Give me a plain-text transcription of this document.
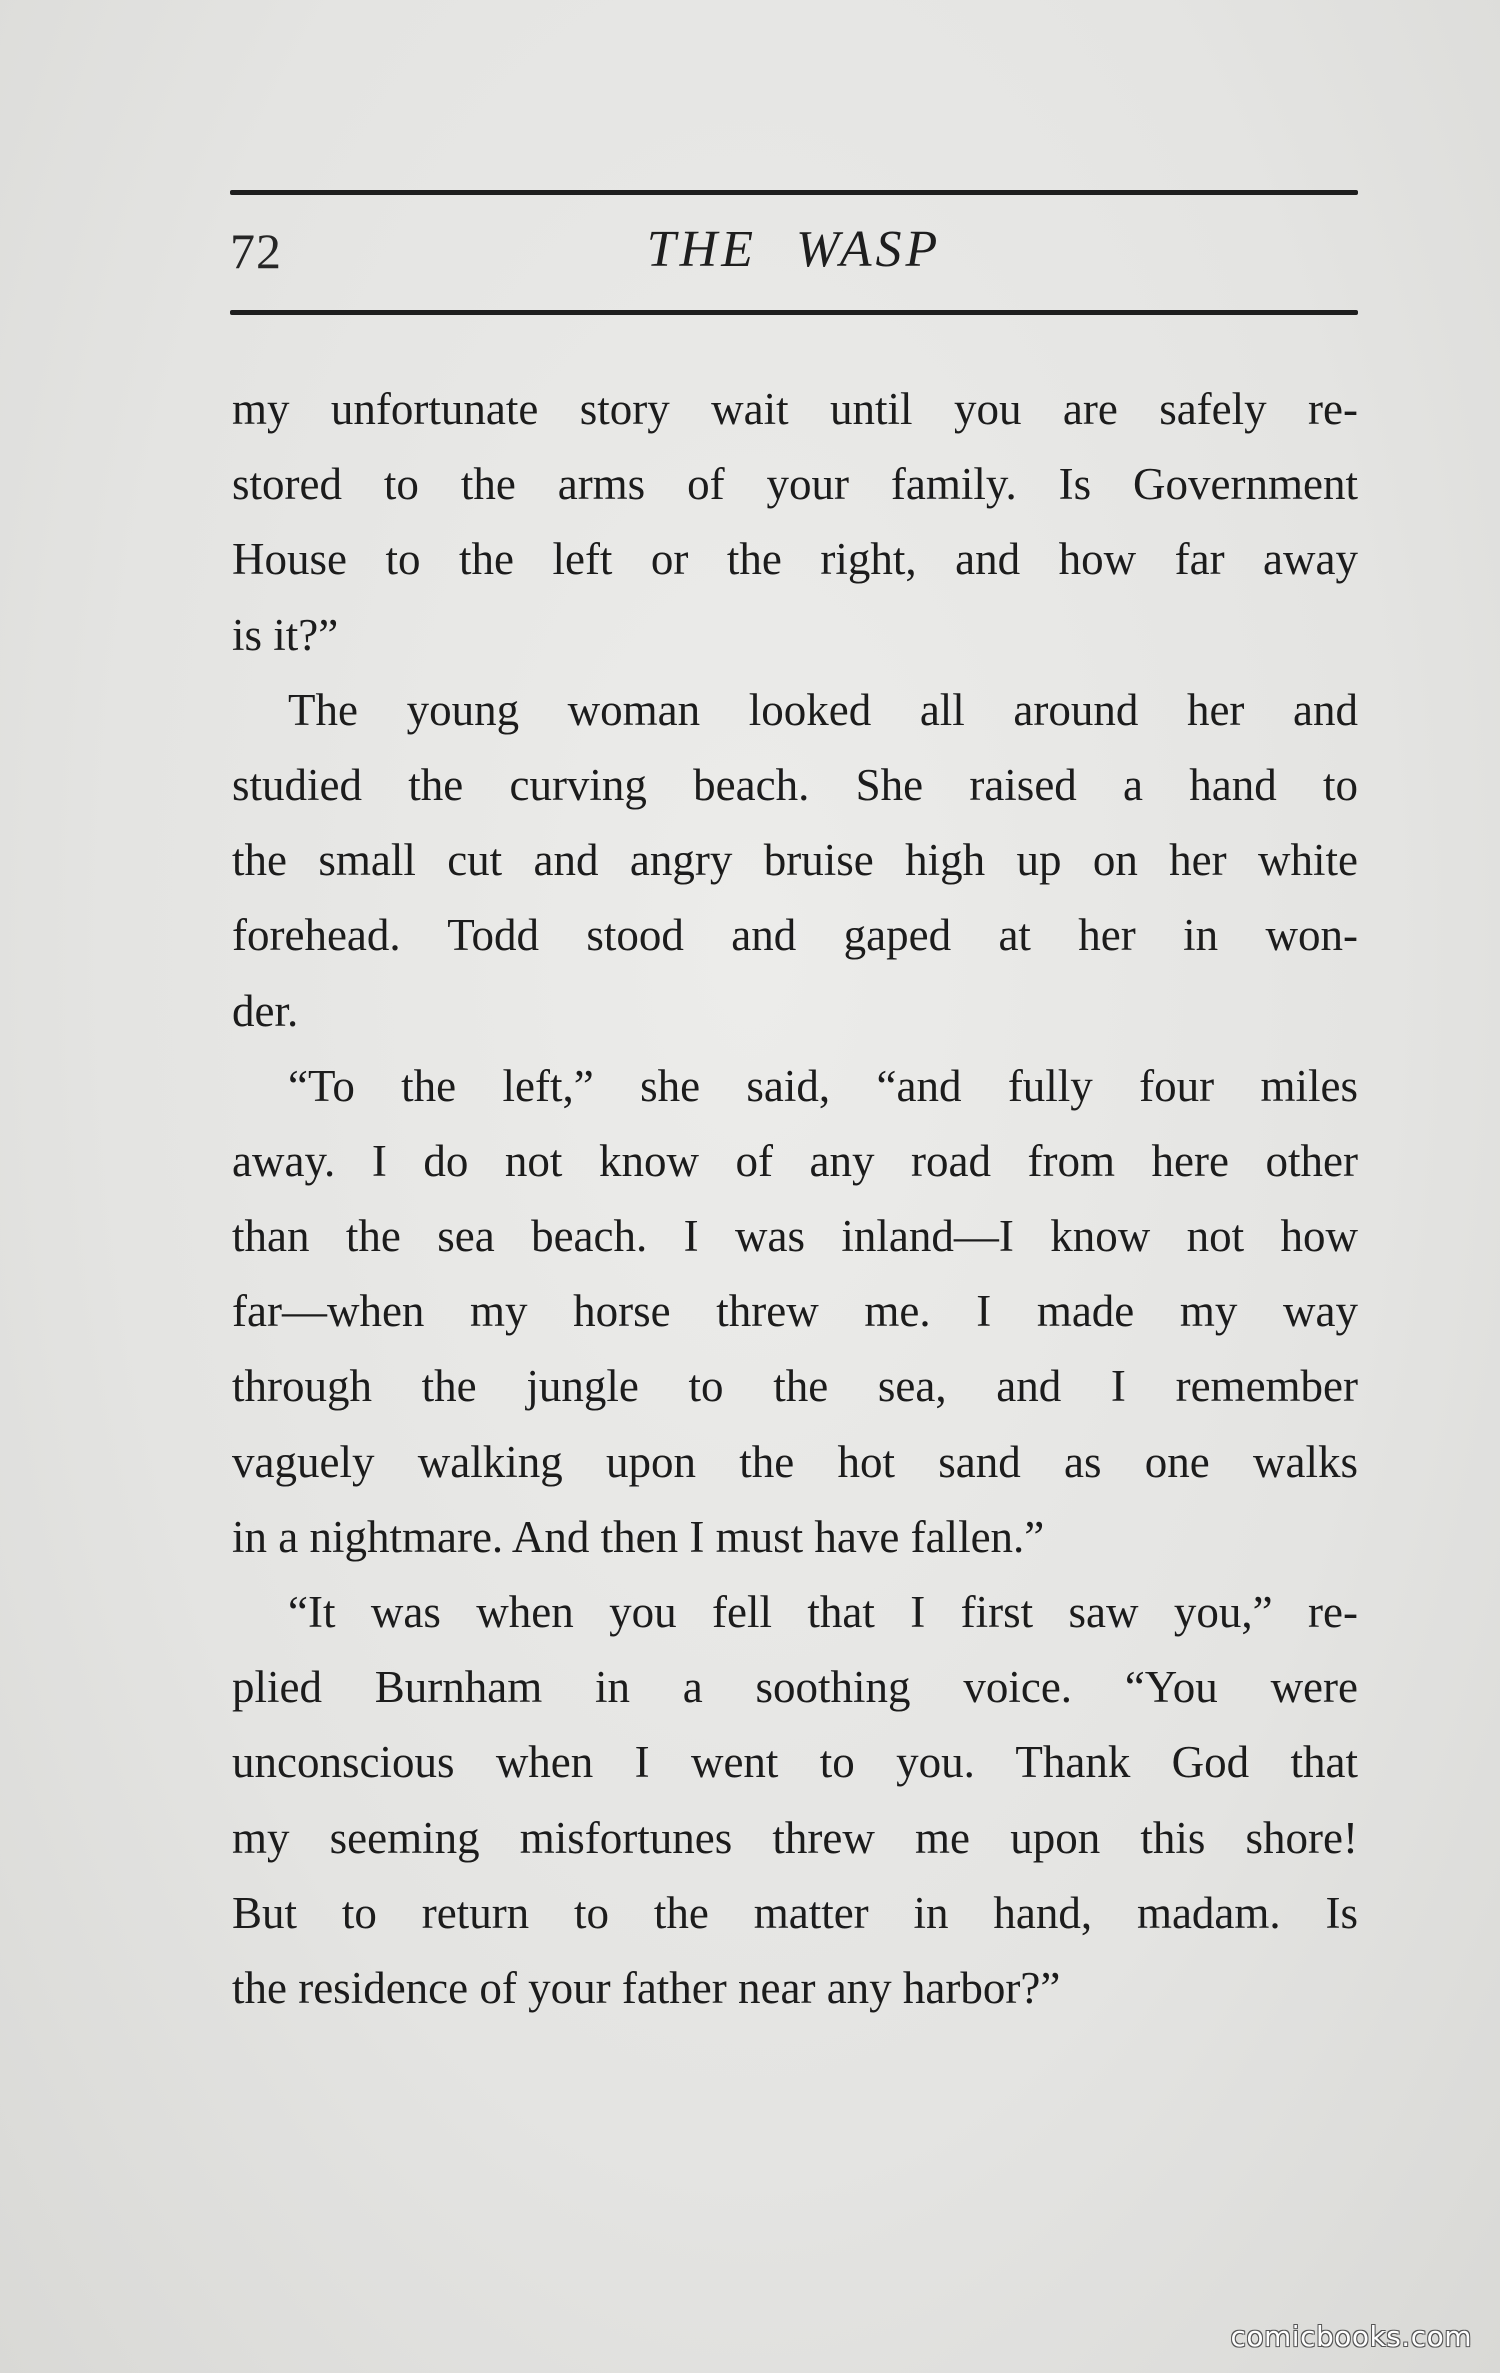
72	THE WASP
my unfortunate story wait until you are safely re-
stored to the arms of your family. Is Government
House to the left or the right, and how far away
is it?”
The young woman looked all around her and
studied the curving beach. She raised a hand to
the small cut and angry bruise high up on her white
forehead. Todd stood and gaped at her in won-
der.
“To the left,” she said, “and fully four miles
away. I do not know of any road from here other
than the sea beach. I was inland—I know not how
far—when my horse threw me. I made my way
through the jungle to the sea, and I remember
vaguely walking upon the hot sand as one walks
in a nightmare. And then I must have fallen.”
“It was when you fell that I first saw you,” re-
plied Burnham in a soothing voice. “You were
unconscious when I went to you. Thank God that
my seeming misfortunes threw me upon this shore!
But to return to the matter in hand, madam. Is
the residence of your father near any harbor?”
comicbooks.com
